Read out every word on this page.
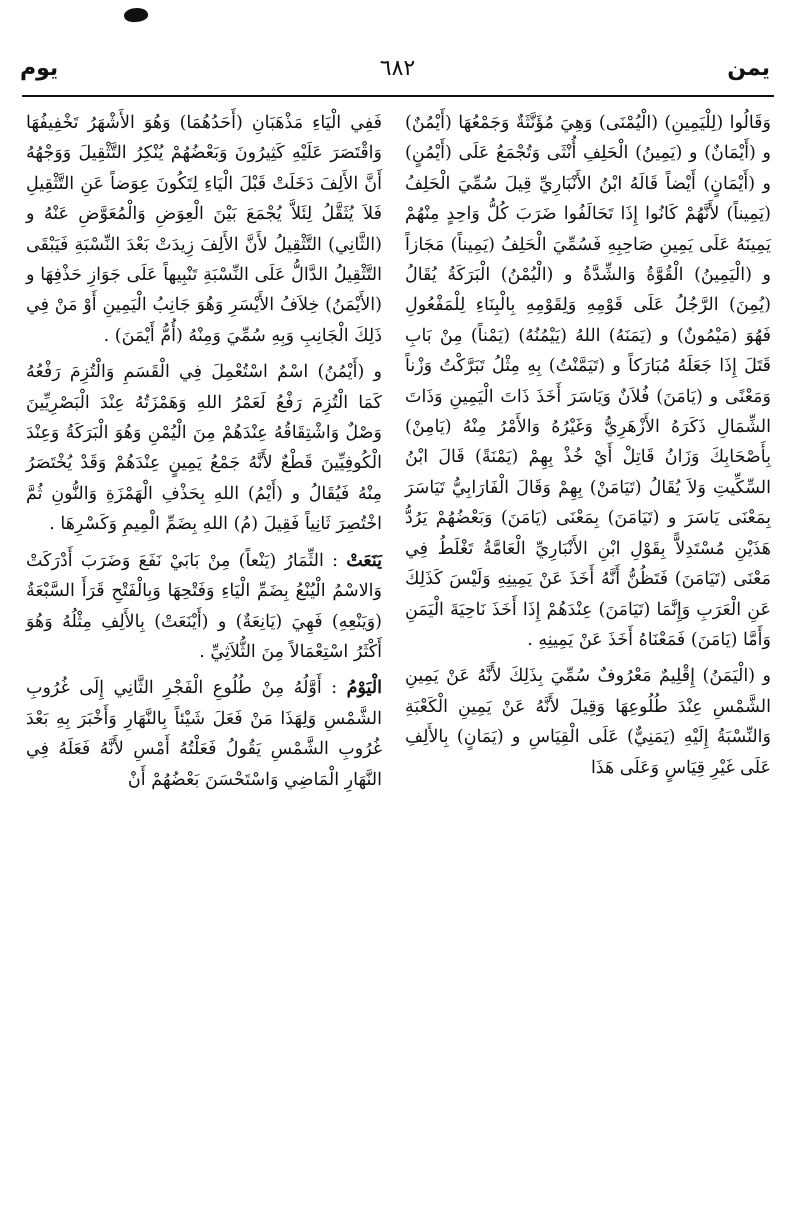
يمن
٦٨٢
يوم

وَقَالُوا (لِلْيَمِينِ) (الْيُمْنَى) وَهِيَ مُؤَنَّثَةٌ وَجَمْعُهَا (أَيْمُنٌ) و (أَيْمَانٌ) و (يَمِينُ) الْحَلِفِ أُنْثَى وَتُجْمَعُ عَلَى (أَيْمُنٍ) و (أَيْمَانٍ) أَيْضاً قَالَهُ ابْنُ الأَنْبَارِيِّ قِيلَ سُمِّيَ الْحَلِفُ (يَمِيناً) لأَنَّهُمْ كَانُوا إِذَا تَحَالَفُوا ضَرَبَ كُلُّ وَاحِدٍ مِنْهُمْ يَمِينَهُ عَلَى يَمِينِ صَاحِبِهِ فَسُمِّيَ الْحَلِفُ (يَمِيناً) مَجَازاً و (الْيَمِينُ) الْقُوَّةُ وَالشِّدَّةُ و (الْيُمْنُ) الْبَرَكَةُ يُقَالُ (يُمِنَ) الرَّجُلُ عَلَى قَوْمِهِ وَلِقَوْمِهِ بِالْبِنَاءِ لِلْمَفْعُولِ فَهُوَ (مَيْمُونٌ) و (يَمَنَهُ) اللهُ (يَيْمُنُهُ) (يَمْناً) مِنْ بَابِ قَتَلَ إِذَا جَعَلَهُ مُبَارَكاً و (تَيَمَّنْتُ) بِهِ مِثْلُ تَبَرَّكْتُ وَزْناً وَمَعْنًى و (يَامَنَ) فُلاَنٌ وَيَاسَرَ أَخَذَ ذَاتَ الْيَمِينِ وَذَاتَ الشِّمَالِ ذَكَرَهُ الأَزْهَرِيُّ وَغَيْرُهُ وَالأَمْرُ مِنْهُ (يَامِنْ) بِأَصْحَابِكَ وَزَانُ قَاتِلْ أَيْ خُذْ بِهِمْ (يَمْنَةً) قَالَ ابْنُ السِّكِّيتِ وَلاَ يُقَالُ (تَيَامَنْ) بِهِمْ وَقَالَ الْفَارَابِيُّ تَيَاسَرَ بِمَعْنَى يَاسَرَ و (تَيَامَنَ) بِمَعْنَى (يَامَنَ) وَبَعْضُهُمْ يَرُدُّ هَذَيْنِ مُسْتَدِلاًّ بِقَوْلِ ابْنِ الأَنْبَارِيِّ الْعَامَّةُ تَغْلَطُ فِي مَعْنَى (تَيَامَنَ) فَتَظُنُّ أَنَّهُ أَخَذَ عَنْ يَمِينِهِ وَلَيْسَ كَذَلِكَ عَنِ الْعَرَبِ وَإِنَّمَا (تَيَامَنَ) عِنْدَهُمْ إِذَا أَخَذَ نَاحِيَةَ الْيَمَنِ وَأَمَّا (يَامَنَ) فَمَعْنَاهُ أَخَذَ عَنْ يَمِينِهِ .

و (الْيَمَنُ) إِقْلِيمٌ مَعْرُوفٌ سُمِّيَ بِذَلِكَ لأَنَّهُ عَنْ يَمِينِ الشَّمْسِ عِنْدَ طُلُوعِهَا وَقِيلَ لأَنَّهُ عَنْ يَمِينِ الْكَعْبَةِ وَالنِّسْبَةُ إِلَيْهِ (يَمَنِيٌّ) عَلَى الْقِيَاسِ و (يَمَانٍ) بِالأَلِفِ عَلَى غَيْرِ قِيَاسٍ وَعَلَى هَذَا

فَفِي الْيَاءِ مَذْهَبَانِ (أَحَدُهُمَا) وَهُوَ الأَشْهَرُ تَخْفِيفُهَا وَاقْتَصَرَ عَلَيْهِ كَثِيرُونَ وَبَعْضُهُمْ يُنْكِرُ التَّثْقِيلَ وَوَجْهُهُ أَنَّ الأَلِفَ دَخَلَتْ قَبْلَ الْيَاءِ لِتَكُونَ عِوَضاً عَنِ التَّثْقِيلِ فَلاَ يُثَقَّلُ لِئَلاَّ يُجْمَعَ بَيْنَ الْعِوَضِ وَالْمُعَوَّضِ عَنْهُ و (الثَّانِي) التَّثْقِيلُ لأَنَّ الأَلِفَ زِيدَتْ بَعْدَ النِّسْبَةِ فَيَبْقَى التَّثْقِيلُ الدَّالُّ عَلَى النِّسْبَةِ تَنْبِيهاً عَلَى جَوَازِ حَذْفِهَا و (الأَيْمَنُ) خِلاَفُ الأَيْسَرِ وَهُوَ جَانِبُ الْيَمِينِ أَوْ مَنْ فِي ذَلِكَ الْجَانِبِ وَبِهِ سُمِّيَ وَمِنْهُ (أُمُّ أَيْمَنَ) .

و (أَيْمُنُ) اسْمٌ اسْتُعْمِلَ فِي الْقَسَمِ وَالْتُزِمَ رَفْعُهُ كَمَا الْتُزِمَ رَفْعُ لَعَمْرُ اللهِ وَهَمْزَتُهُ عِنْدَ الْبَصْرِيِّينَ وَصْلٌ وَاشْتِقَاقُهُ عِنْدَهُمْ مِنَ الْيُمْنِ وَهُوَ الْبَرَكَةُ وَعِنْدَ الْكُوفِيِّينَ قَطْعٌ لأَنَّهُ جَمْعُ يَمِينٍ عِنْدَهُمْ وَقَدْ يُخْتَصَرُ مِنْهُ فَيُقَالُ و (أَيْمُ) اللهِ بِحَذْفِ الْهَمْزَةِ وَالنُّونِ ثُمَّ اخْتُصِرَ ثَانِياً فَقِيلَ (مُ) اللهِ بِضَمِّ الْمِيمِ وَكَسْرِهَا .

يَنَعَتْ : الثِّمَارُ (يَنْعاً) مِنْ بَابَيْ نَفَعَ وَضَرَبَ أَدْرَكَتْ وَالاسْمُ الْيُنْعُ بِضَمِّ الْيَاءِ وَفَتْحِهَا وَبِالْفَتْحِ قَرَأَ السَّبْعَةُ (وَيَنْعِهِ) فَهِيَ (يَانِعَةٌ) و (أَيْنَعَتْ) بِالأَلِفِ مِثْلُهُ وَهُوَ أَكْثَرُ اسْتِعْمَالاً مِنَ الثُّلاَثِيِّ .

الْيَوْمُ : أَوَّلُهُ مِنْ طُلُوعِ الْفَجْرِ الثَّانِي إِلَى غُرُوبِ الشَّمْسِ وَلِهَذَا مَنْ فَعَلَ شَيْئاً بِالنَّهَارِ وَأَخْبَرَ بِهِ بَعْدَ غُرُوبِ الشَّمْسِ يَقُولُ فَعَلْتُهُ أَمْسِ لأَنَّهُ فَعَلَهُ فِي النَّهَارِ الْمَاضِي وَاسْتَحْسَنَ بَعْضُهُمْ أَنْ
